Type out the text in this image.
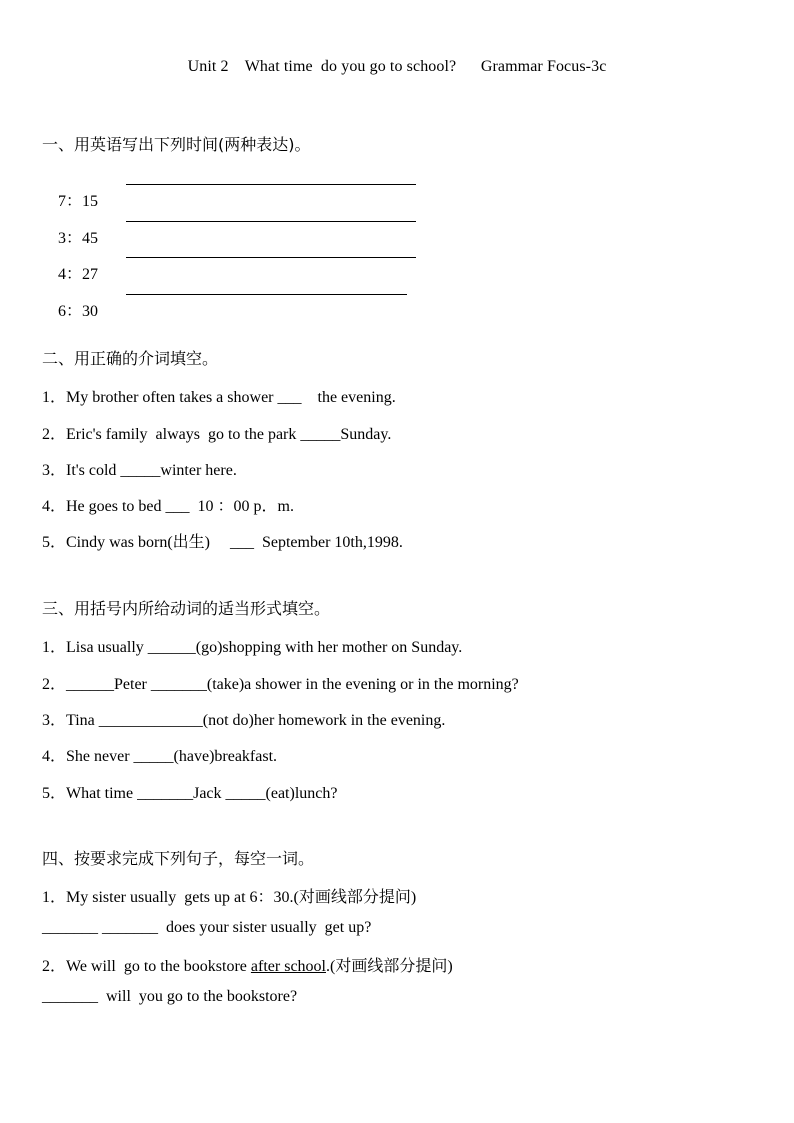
Unit 2    What time  do you go to school?      Grammar Focus-3c
一、用英语写出下列时间(两种表达)。

7：15

3：45

4：27

6：30

二、用正确的介词填空。
1．My brother often takes a shower ___    the evening.
2．Eric's family  always  go to the park _____Sunday.
3．It's cold _____winter here.
4．He goes to bed ___  10 ：00 p．m.
5．Cindy was born(出生)     ___  September 10th,1998.
三、用括号内所给动词的适当形式填空。
1．Lisa usually ______(go)shopping with her mother on Sunday.
2．______Peter _______(take)a shower in the evening or in the morning?
3．Tina _____________(not do)her homework in the evening.
4．She never _____(have)breakfast.
5．What time _______Jack _____(eat)lunch?
四、按要求完成下列句子，每空一词。
1．My sister usually  gets up at 6：30.(对画线部分提问)
_______ _______  does your sister usually  get up?
2．We will  go to the bookstore after school.(对画线部分提问)
_______  will  you go to the bookstore?
